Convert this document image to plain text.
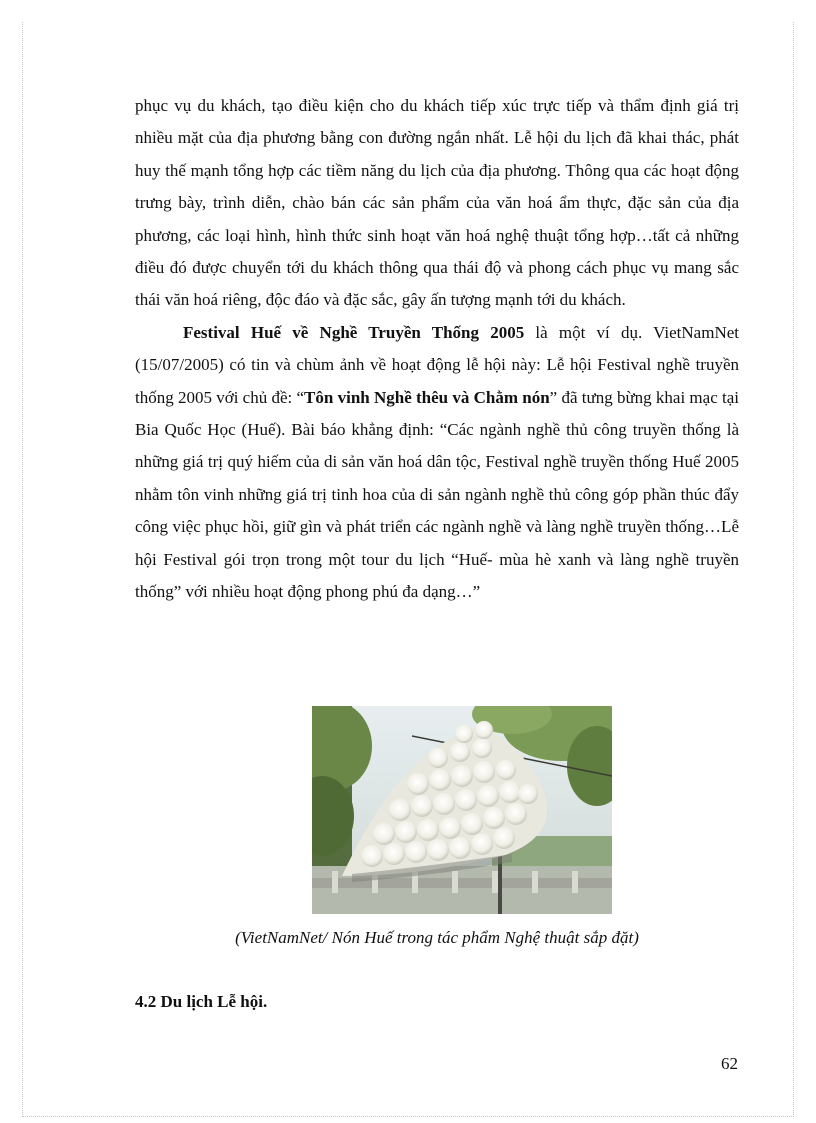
phục vụ du khách, tạo điều kiện cho du khách tiếp xúc trực tiếp và thẩm định giá trị nhiều mặt của địa phương bằng con đường ngắn nhất. Lễ hội du lịch đã khai thác, phát huy thế mạnh tổng hợp các tiềm năng du lịch của địa phương. Thông qua các hoạt động trưng bày, trình diễn, chào bán các sản phẩm của văn hoá ẩm thực, đặc sản của địa phương, các loại hình, hình thức sinh hoạt văn hoá nghệ thuật tổng hợp…tất cả những điều đó được chuyển tới du khách thông qua thái độ và phong cách phục vụ mang sắc thái văn hoá riêng, độc đáo và đặc sắc, gây ấn tượng mạnh tới du khách.

Festival Huế về Nghề Truyền Thống 2005 là một ví dụ. VietNamNet (15/07/2005) có tin và chùm ảnh về hoạt động lễ hội này: Lễ hội Festival nghề truyền thống 2005 với chủ đề: “Tôn vinh Nghề thêu và Chằm nón” đã tưng bừng khai mạc tại Bia Quốc Học (Huế). Bài báo khẳng định: “Các ngành nghề thủ công truyền thống là những giá trị quý hiếm của di sản văn hoá dân tộc, Festival nghề truyền thống Huế 2005 nhằm tôn vinh những giá trị tinh hoa của di sản ngành nghề thủ công góp phần thúc đẩy công việc phục hồi, giữ gìn và phát triển các ngành nghề và làng nghề truyền thống…Lễ hội Festival gói trọn trong một tour du lịch “Huế- mùa hè xanh và làng nghề truyền thống” với nhiều hoạt động phong phú đa dạng…”

(VietNamNet/ Nón Huế trong tác phẩm Nghệ thuật sắp đặt)
4.2 Du lịch Lễ hội.
62
